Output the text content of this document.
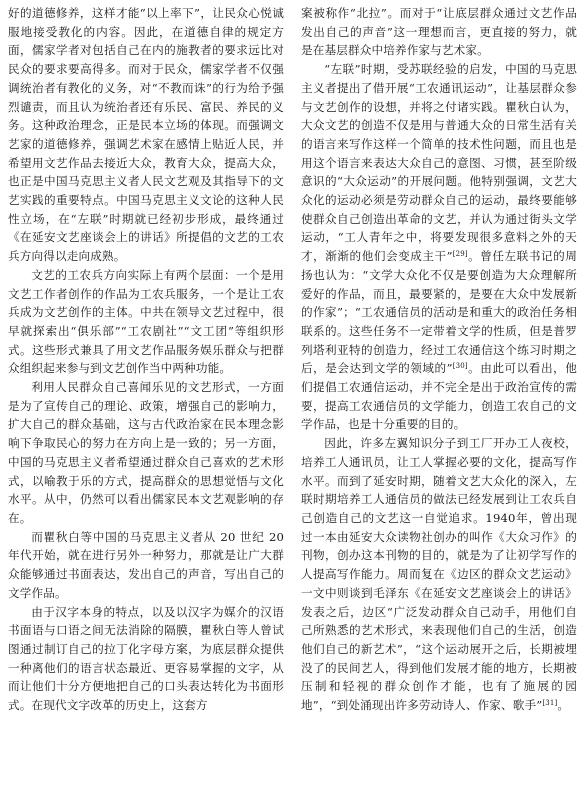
好的道德修养，这样才能“以上率下”，让民众心悦诚服地接受教化的内容。因此，在道德自律的规定方面，儒家学者对包括自己在内的施教者的要求远比对民众的要求要高得多。而对于民众，儒家学者不仅强调统治者有教化的义务，对“不教而诛”的行为给予强烈谴责，而且认为统治者还有乐民、富民、养民的义务。这种政治理念，正是民本立场的体现。而强调文艺家的道德修养，强调艺术家在感情上贴近人民，并希望用文艺作品去接近大众，教育大众，提高大众，也正是中国马克思主义者人民文艺观及其指导下的文艺实践的重要特点。中国马克思主义文论的这种人民性立场，在“左联”时期就已经初步形成，最终通过《在延安文艺座谈会上的讲话》所提倡的文艺的工农兵方向得以走向成熟。

文艺的工农兵方向实际上有两个层面：一个是用文艺工作者创作的作品为工农兵服务，一个是让工农兵成为文艺创作的主体。中共在领导文艺过程中，很早就探索出“俱乐部”“工农剧社”“文工团”等组织形式。这些形式兼具了用文艺作品服务娱乐群众与把群众组织起来参与到文艺创作当中两种功能。

利用人民群众自己喜闻乐见的文艺形式，一方面是为了宣传自己的理论、政策，增强自己的影响力，扩大自己的群众基础，这与古代政治家在民本理念影响下争取民心的努力在方向上是一致的；另一方面，中国的马克思主义者希望通过群众自己喜欢的艺术形式，以喻教于乐的方式，提高群众的思想觉悟与文化水平。从中，仍然可以看出儒家民本文艺观影响的存在。

而瞿秋白等中国的马克思主义者从 20 世纪 20 年代开始，就在进行另外一种努力，那就是让广大群众能够通过书面表达，发出自己的声音，写出自己的文学作品。

由于汉字本身的特点，以及以汉字为媒介的汉语书面语与口语之间无法消除的隔膜，瞿秋白等人曾试图通过制订自己的拉丁化字母方案，为底层群众提供一种离他们的语言状态最近、更容易掌握的文字，从而让他们十分方便地把自己的口头表达转化为书面形式。在现代文字改革的历史上，这套方

案被称作“北拉”。而对于“让底层群众通过文艺作品发出自己的声音”这一理想而言，更直接的努力，就是在基层群众中培养作家与艺术家。

“左联”时期，受苏联经验的启发，中国的马克思主义者提出了借开展“工农通讯运动”，让基层群众参与文艺创作的设想，并将之付诸实践。瞿秋白认为，大众文艺的创造不仅是用与普通大众的日常生活有关的语言来写作这样一个简单的技术性问题，而且也是用这个语言来表达大众自己的意图、习惯，甚至阶级意识的“大众运动”的开展问题。他特别强调，文艺大众化的运动必须是劳动群众自己的运动，最终要能够使群众自己创造出革命的文艺，并认为通过街头文学运动，“工人青年之中，将要发现很多意料之外的天才，渐渐的他们会变成主干”[29]。曾任左联书记的周扬也认为：“文学大众化不仅是要创造为大众理解所爱好的作品，而且，最要紧的，是要在大众中发展新的作家”；“工农通信员的活动是和重大的政治任务相联系的。这些任务不一定带着文学的性质，但是普罗列塔利亚特的创造力，经过工农通信这个练习时期之后，是会达到文学的领域的”[30]。由此可以看出，他们提倡工农通信运动，并不完全是出于政治宣传的需要，提高工农通信员的文学能力，创造工农自己的文学作品，也是十分重要的目的。

因此，许多左翼知识分子到工厂开办工人夜校，培养工人通讯员，让工人掌握必要的文化，提高写作水平。而到了延安时期，随着文艺大众化的深入，左联时期培养工人通信员的做法已经发展到让工农兵自己创造自己的文艺这一自觉追求。1940年，曾出现过一本由延安大众读物社创办的叫作《大众习作》的刊物，创办这本刊物的目的，就是为了让初学写作的人提高写作能力。周而复在《边区的群众文艺运动》一文中则谈到毛泽东《在延安文艺座谈会上的讲话》发表之后，边区“广泛发动群众自己动手，用他们自己所熟悉的艺术形式，来表现他们自己的生活，创造他们自己的新艺术”，“这个运动展开之后，长期被埋没了的民间艺人，得到他们发展才能的地方，长期被压制和轻视的群众创作才能，也有了施展的园地”，“到处涌现出许多劳动诗人、作家、歌手”[31]。
